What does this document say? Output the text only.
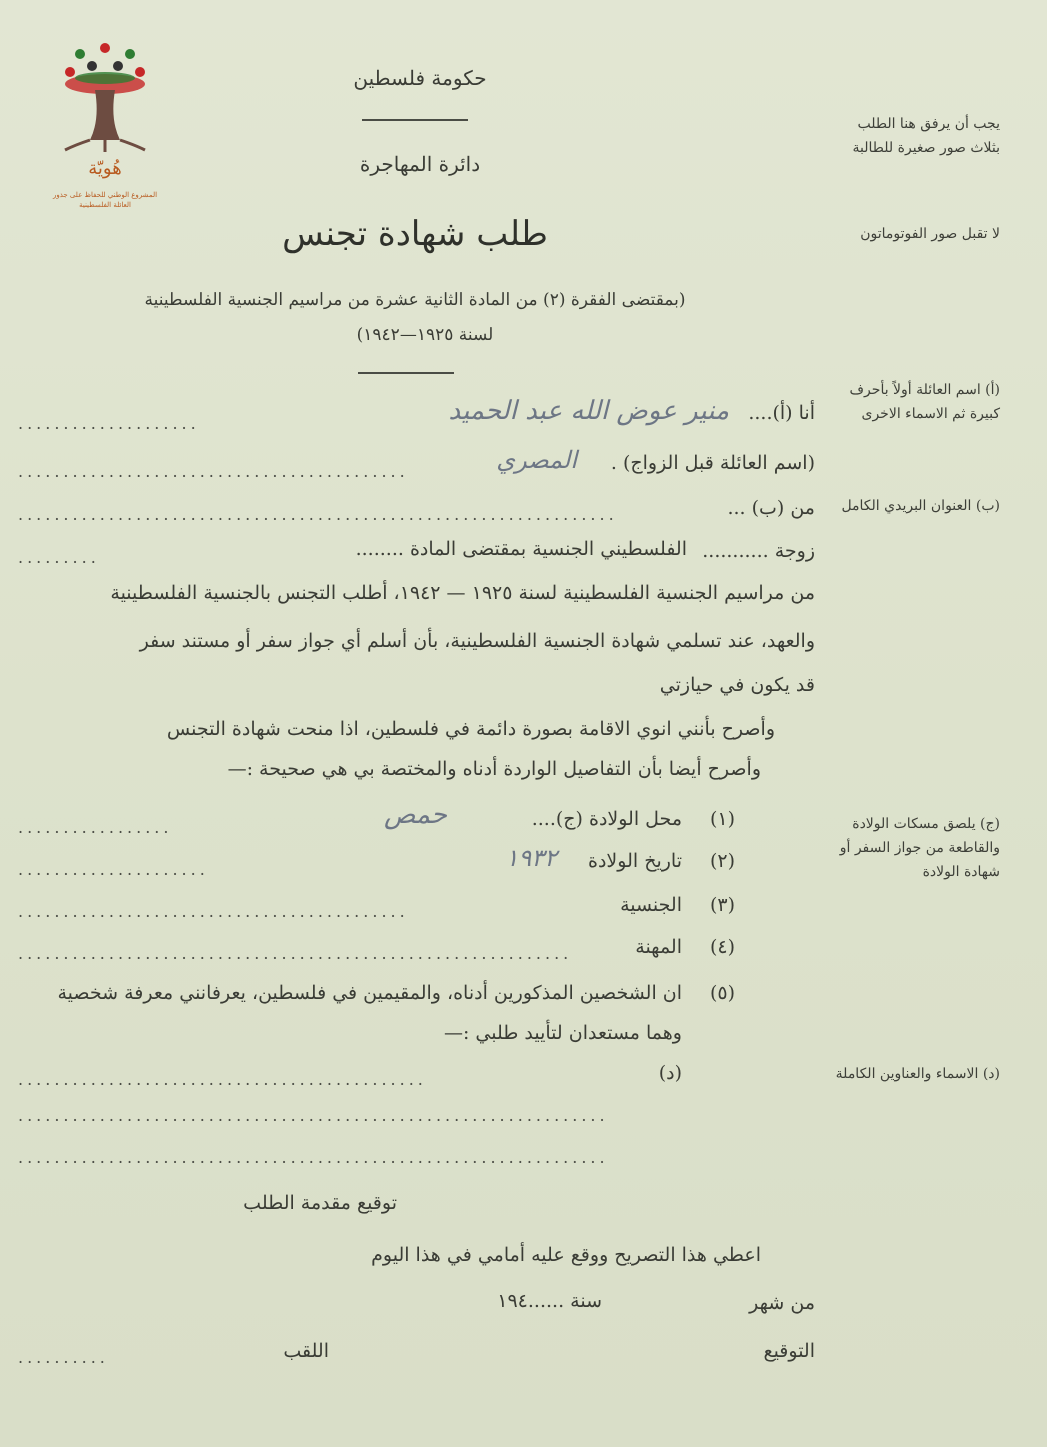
هُويّة
المشروع الوطني للحفاظ على جذور العائلة الفلسطينية
حكومة فلسطين
دائرة المهاجرة
طلب شهادة تجنس
(بمقتضى الفقرة (٢) من المادة الثانية عشرة من مراسيم الجنسية الفلسطينية
لسنة ١٩٢٥—١٩٤٢)
يجب أن يرفق هنا الطلب بثلاث صور صغيرة للطالبة
لا تقبل صور الفوتوماتون
(أ) اسم العائلة أولاً بأحرف كبيرة ثم الاسماء الاخرى
(ب) العنوان البريدي الكامل
(ج) يلصق مسكات الولادة والقاطعة من جواز السفر أو شهادة الولادة
(د) الاسماء والعناوين الكاملة
أنا (أ)....
منير عوض الله عبد الحميد
....................
(اسم العائلة قبل الزواج) .
المصري
...........................................
من (ب) ...
..................................................................
زوجة ...........
الفلسطيني الجنسية بمقتضى المادة ........
.........
من مراسيم الجنسية الفلسطينية لسنة ١٩٢٥ — ١٩٤٢، أطلب التجنس بالجنسية الفلسطينية
والعهد، عند تسلمي شهادة الجنسية الفلسطينية، بأن أسلم أي جواز سفر أو مستند سفر
قد يكون في حيازتي
وأصرح بأنني انوي الاقامة بصورة دائمة في فلسطين، اذا منحت شهادة التجنس
وأصرح أيضا بأن التفاصيل الواردة أدناه والمختصة بي هي صحيحة :—
(١)
محل الولادة (ج)....
حمص
.................
(٢)
تاريخ الولادة
١٩٣٢
.....................
(٣)
الجنسية
...........................................
(٤)
المهنة
.............................................................
(٥)
ان الشخصين المذكورين أدناه، والمقيمين في فلسطين، يعرفانني معرفة شخصية
وهما مستعدان لتأييد طلبي :—
(د)
.............................................
.................................................................
.................................................................
توقيع مقدمة الطلب
اعطي هذا التصريح ووقع عليه أمامي في هذا اليوم
من شهر
سنة ......١٩٤
التوقيع
اللقب
..........
